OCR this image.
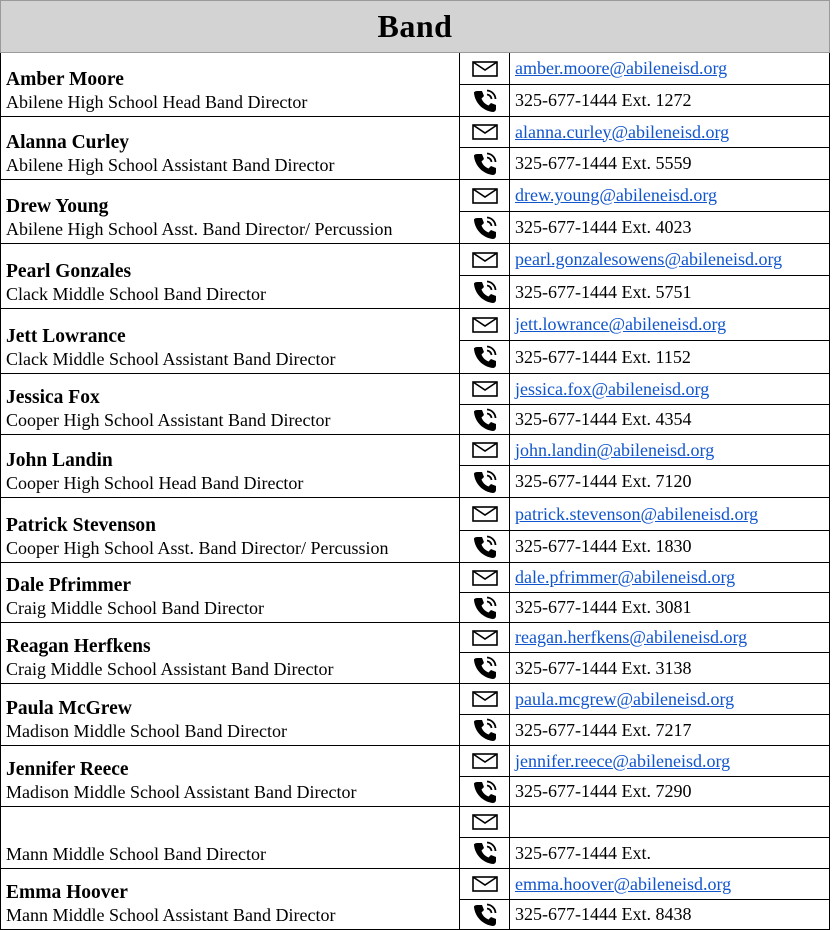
Band
Amber Moore
Abilene High School Head Band Director
amber.moore@abileneisd.org
325-677-1444 Ext. 1272
Alanna Curley
Abilene High School Assistant Band Director
alanna.curley@abileneisd.org
325-677-1444 Ext. 5559
Drew Young
Abilene High School Asst. Band Director/ Percussion
drew.young@abileneisd.org
325-677-1444 Ext. 4023
Pearl Gonzales
Clack Middle School Band Director
pearl.gonzalesowens@abileneisd.org
325-677-1444 Ext. 5751
Jett Lowrance
Clack Middle School Assistant Band Director
jett.lowrance@abileneisd.org
325-677-1444 Ext. 1152
Jessica Fox
Cooper High School Assistant Band Director
jessica.fox@abileneisd.org
325-677-1444 Ext. 4354
John Landin
Cooper High School Head Band Director
john.landin@abileneisd.org
325-677-1444 Ext. 7120
Patrick Stevenson
Cooper High School Asst. Band Director/ Percussion
patrick.stevenson@abileneisd.org
325-677-1444 Ext. 1830
Dale Pfrimmer
Craig Middle School Band Director
dale.pfrimmer@abileneisd.org
325-677-1444 Ext. 3081
Reagan Herfkens
Craig Middle School Assistant Band Director
reagan.herfkens@abileneisd.org
325-677-1444 Ext. 3138
Paula McGrew
Madison Middle School Band Director
paula.mcgrew@abileneisd.org
325-677-1444 Ext. 7217
Jennifer Reece
Madison Middle School Assistant Band Director
jennifer.reece@abileneisd.org
325-677-1444 Ext. 7290

Mann Middle School Band Director	325-677-1444 Ext.
Emma Hoover
Mann Middle School Assistant Band Director
emma.hoover@abileneisd.org
325-677-1444 Ext. 8438
